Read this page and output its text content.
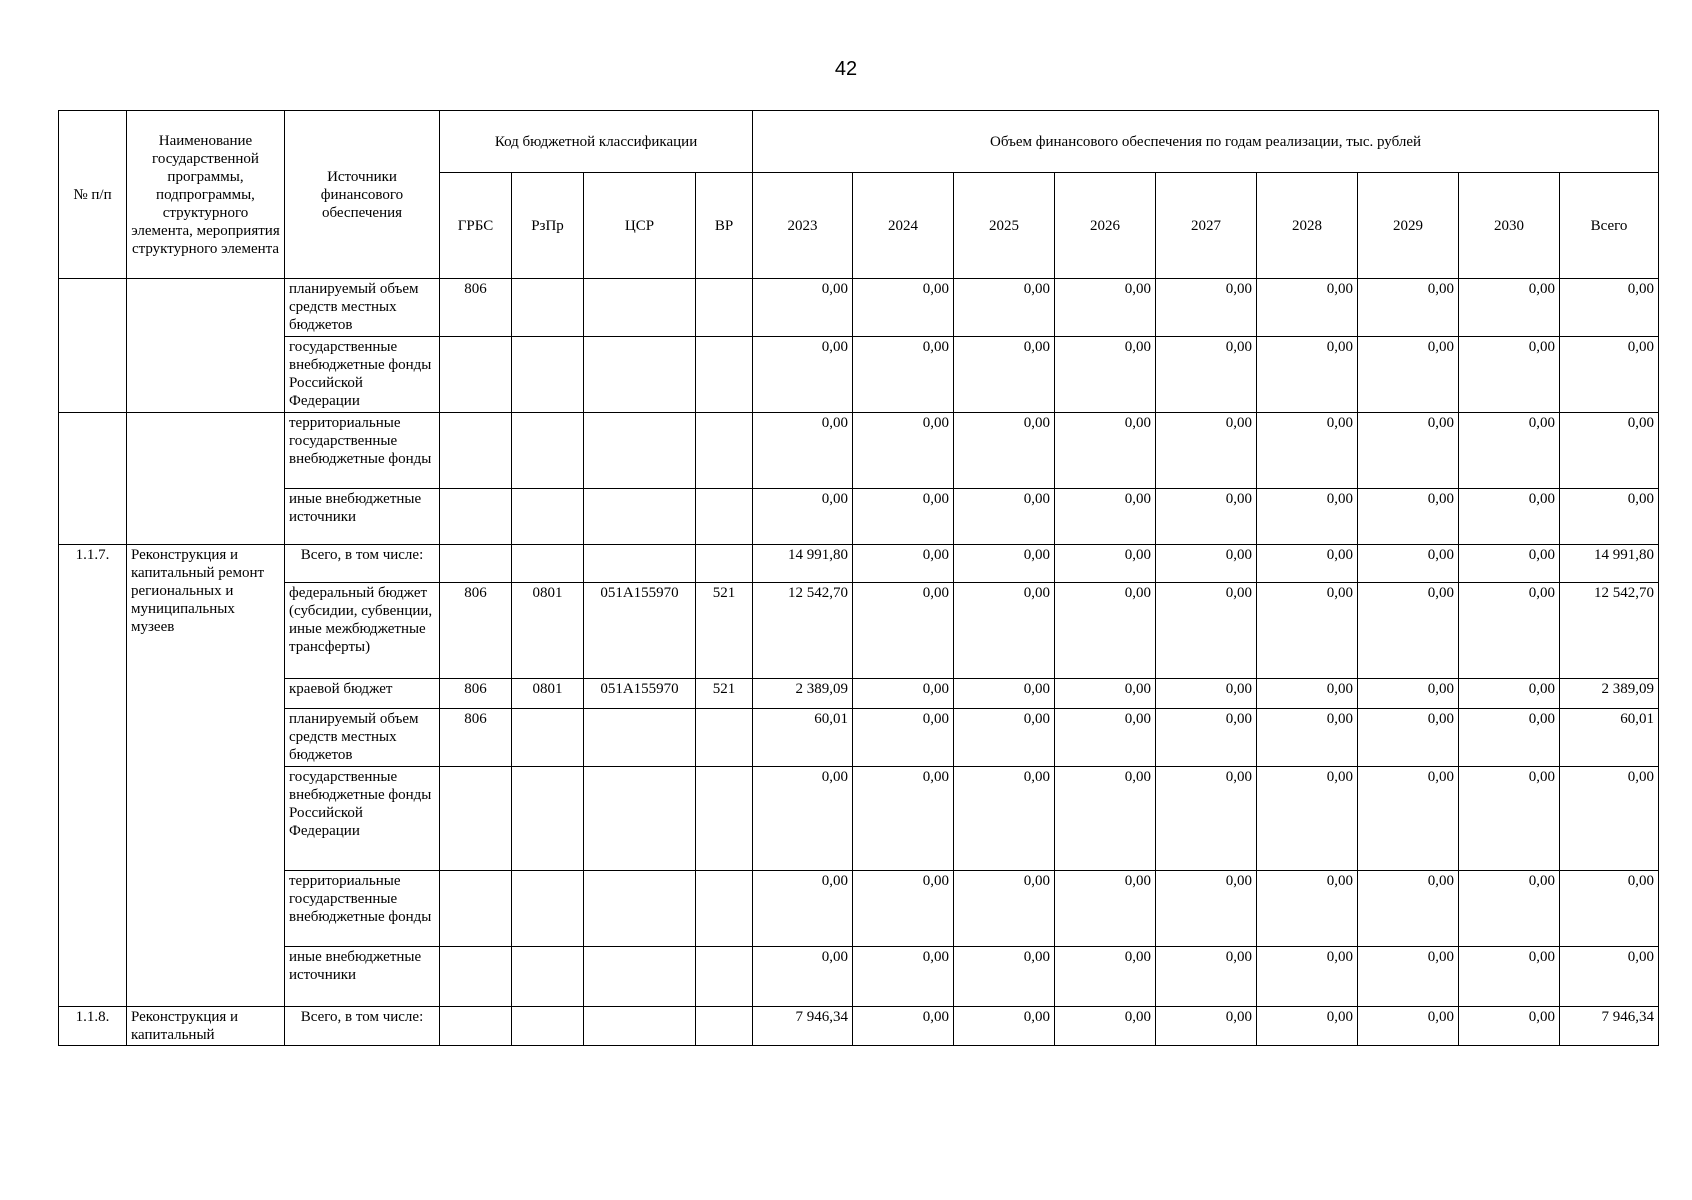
42
№ п/п	Наименование государственной программы, подпрограммы, структурного элемента, мероприятия структурного элемента	Источники финансового обеспечения	Код бюджетной классификации				Объем финансового обеспечения по годам реализации, тыс. рублей								
			ГРБС	РзПр	ЦСР	ВР	2023	2024	2025	2026	2027	2028	2029	2030	Всего
		планируемый объем средств местных бюджетов	806				0,00	0,00	0,00	0,00	0,00	0,00	0,00	0,00	0,00
		государственные внебюджетные фонды Российской Федерации					0,00	0,00	0,00	0,00	0,00	0,00	0,00	0,00	0,00
		территориальные государственные внебюджетные фонды					0,00	0,00	0,00	0,00	0,00	0,00	0,00	0,00	0,00
		иные внебюджетные источники					0,00	0,00	0,00	0,00	0,00	0,00	0,00	0,00	0,00
1.1.7.	Реконструкция и капитальный ремонт региональных и муниципальных музеев	Всего, в том числе:					14 991,80	0,00	0,00	0,00	0,00	0,00	0,00	0,00	14 991,80
		федеральный бюджет (субсидии, субвенции, иные межбюджетные трансферты)	806	0801	051A155970	521	12 542,70	0,00	0,00	0,00	0,00	0,00	0,00	0,00	12 542,70
		краевой бюджет	806	0801	051A155970	521	2 389,09	0,00	0,00	0,00	0,00	0,00	0,00	0,00	2 389,09
		планируемый объем средств местных бюджетов	806				60,01	0,00	0,00	0,00	0,00	0,00	0,00	0,00	60,01
		государственные внебюджетные фонды Российской Федерации					0,00	0,00	0,00	0,00	0,00	0,00	0,00	0,00	0,00
		территориальные государственные внебюджетные фонды					0,00	0,00	0,00	0,00	0,00	0,00	0,00	0,00	0,00
		иные внебюджетные источники					0,00	0,00	0,00	0,00	0,00	0,00	0,00	0,00	0,00
1.1.8.	Реконструкция и капитальный	Всего, в том числе:					7 946,34	0,00	0,00	0,00	0,00	0,00	0,00	0,00	7 946,34
